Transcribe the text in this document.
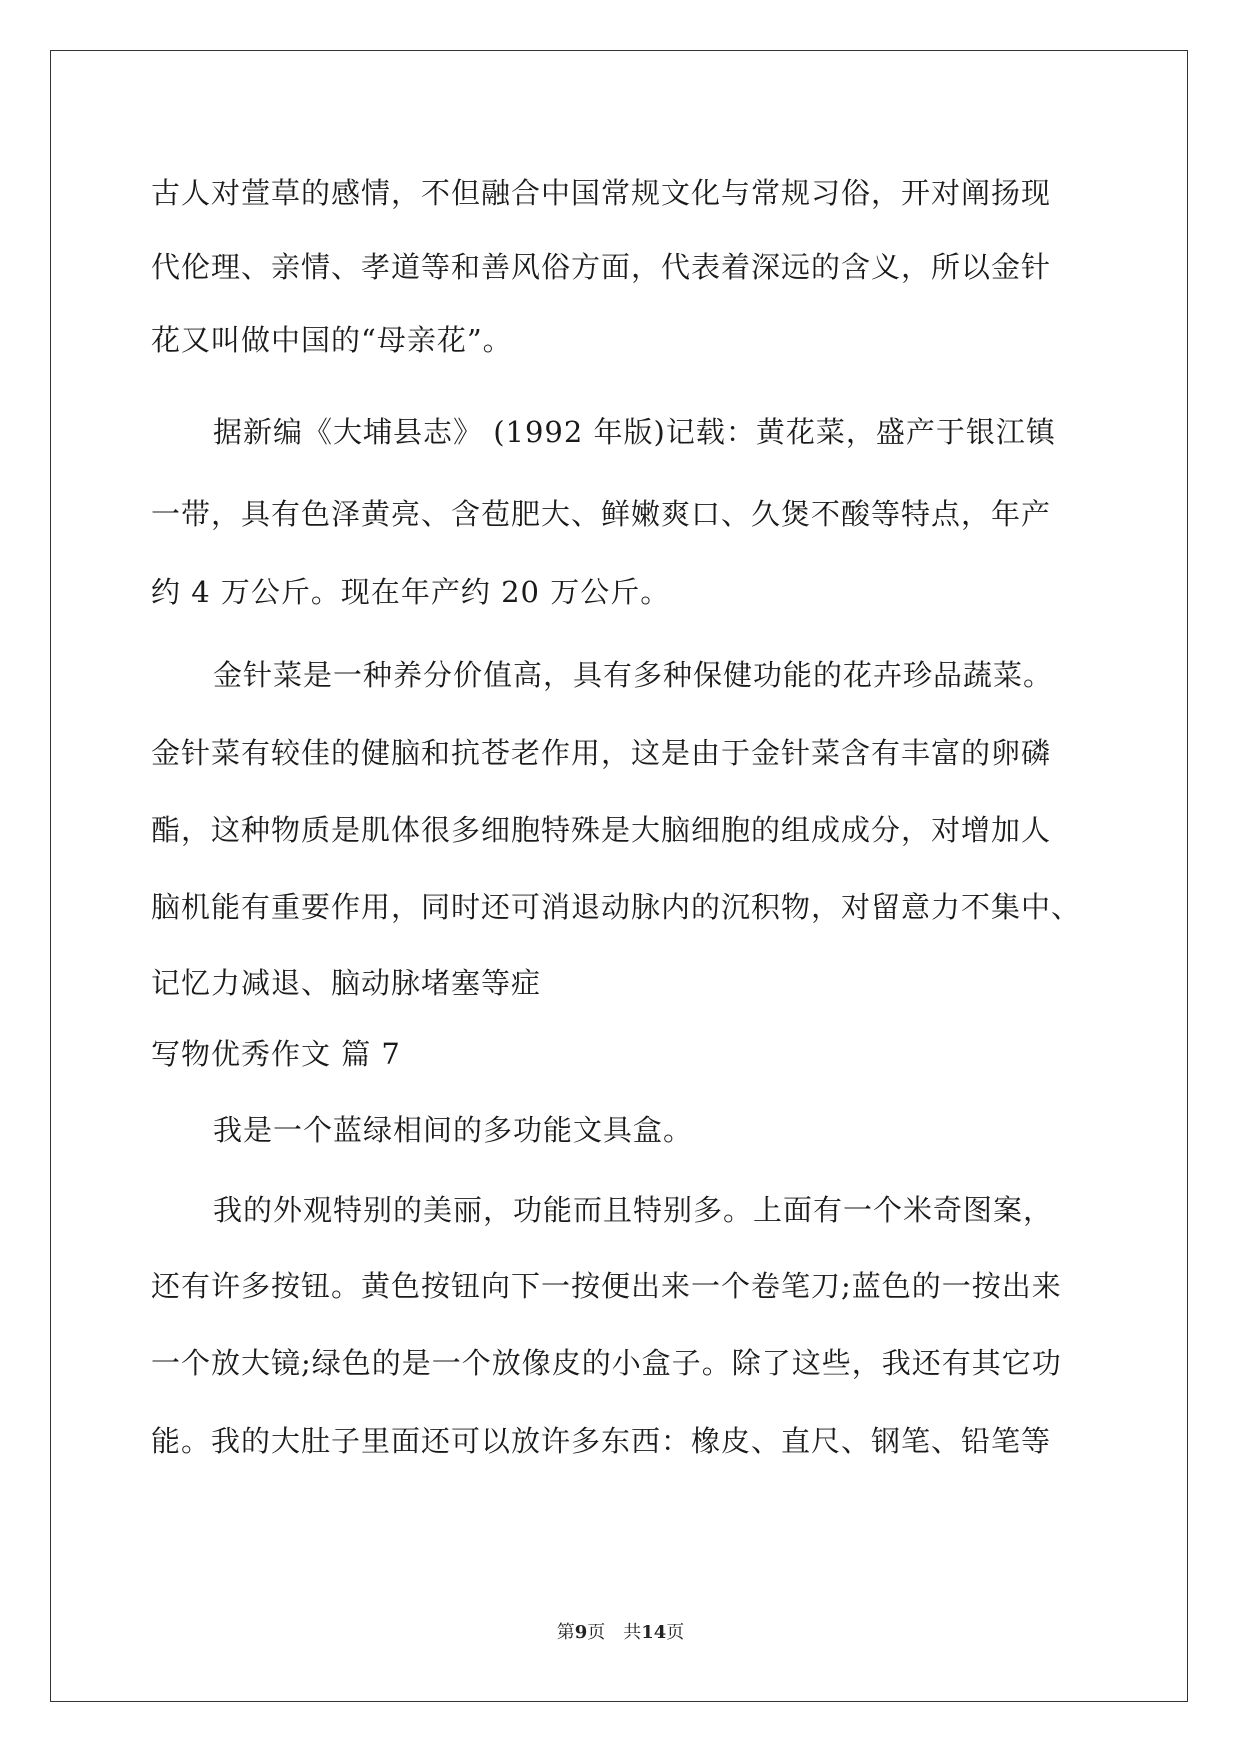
古人对萱草的感情，不但融合中国常规文化与常规习俗，开对阐扬现

代伦理、亲情、孝道等和善风俗方面，代表着深远的含义，所以金针

花又叫做中国的“母亲花”。

据新编《大埔县志》 (1992 年版)记载：黄花菜，盛产于银江镇

一带，具有色泽黄亮、含苞肥大、鲜嫩爽口、久煲不酸等特点，年产

约 4 万公斤。现在年产约 20 万公斤。

金针菜是一种养分价值高，具有多种保健功能的花卉珍品蔬菜。

金针菜有较佳的健脑和抗苍老作用，这是由于金针菜含有丰富的卵磷

酯，这种物质是肌体很多细胞特殊是大脑细胞的组成成分，对增加人

脑机能有重要作用，同时还可消退动脉内的沉积物，对留意力不集中、

记忆力减退、脑动脉堵塞等症

写物优秀作文 篇 7

我是一个蓝绿相间的多功能文具盒。

我的外观特别的美丽，功能而且特别多。上面有一个米奇图案，

还有许多按钮。黄色按钮向下一按便出来一个卷笔刀;蓝色的一按出来

一个放大镜;绿色的是一个放像皮的小盒子。除了这些，我还有其它功

能。我的大肚子里面还可以放许多东西：橡皮、直尺、钢笔、铅笔等

第9页 共14页
